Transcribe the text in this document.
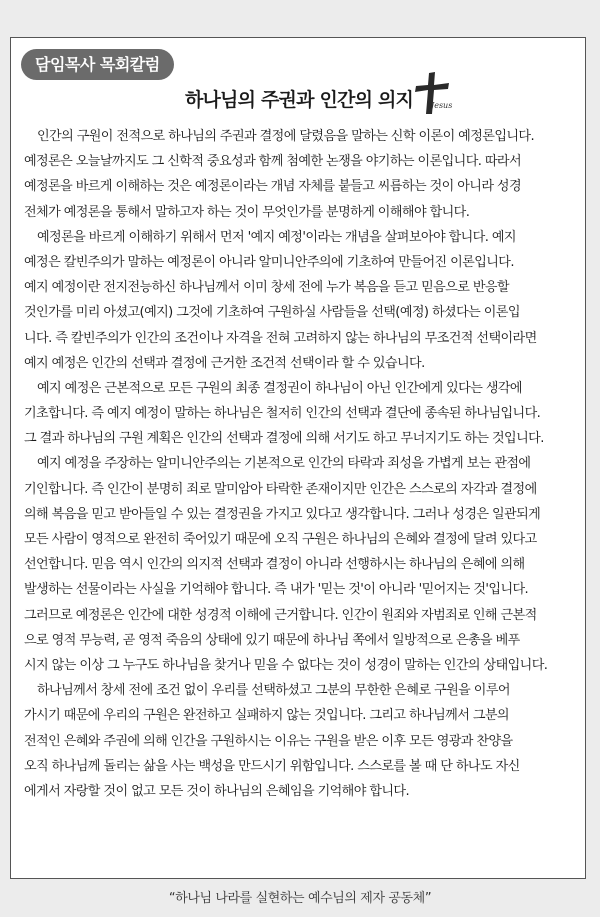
담임목사 목회칼럼
하나님의 주권과 인간의 의지	Jesus
인간의 구원이 전적으로 하나님의 주권과 결정에 달렸음을 말하는 신학 이론이 예정론입니다.
예정론은 오늘날까지도 그 신학적 중요성과 함께 첨예한 논쟁을 야기하는 이론입니다. 따라서
예정론을 바르게 이해하는 것은 예정론이라는 개념 자체를 붙들고 씨름하는 것이 아니라 성경
전체가 예정론을 통해서 말하고자 하는 것이 무엇인가를 분명하게 이해해야 합니다.
예정론을 바르게 이해하기 위해서 먼저 '예지 예정'이라는 개념을 살펴보아야 합니다. 예지
예정은 칼빈주의가 말하는 예정론이 아니라 알미니안주의에 기초하여 만들어진 이론입니다.
예지 예정이란 전지전능하신 하나님께서 이미 창세 전에 누가 복음을 듣고 믿음으로 반응할
것인가를 미리 아셨고(예지) 그것에 기초하여 구원하실 사람들을 선택(예정) 하셨다는 이론입
니다. 즉 칼빈주의가 인간의 조건이나 자격을 전혀 고려하지 않는 하나님의 무조건적 선택이라면
예지 예정은 인간의 선택과 결정에 근거한 조건적 선택이라 할 수 있습니다.
예지 예정은 근본적으로 모든 구원의 최종 결정권이 하나님이 아닌 인간에게 있다는 생각에
기초합니다. 즉 예지 예정이 말하는 하나님은 철저히 인간의 선택과 결단에 종속된 하나님입니다.
그 결과 하나님의 구원 계획은 인간의 선택과 결정에 의해 서기도 하고 무너지기도 하는 것입니다.
예지 예정을 주장하는 알미니안주의는 기본적으로 인간의 타락과 죄성을 가볍게 보는 관점에
기인합니다. 즉 인간이 분명히 죄로 말미암아 타락한 존재이지만 인간은 스스로의 자각과 결정에
의해 복음을 믿고 받아들일 수 있는 결정권을 가지고 있다고 생각합니다. 그러나 성경은 일관되게
모든 사람이 영적으로 완전히 죽어있기 때문에 오직 구원은 하나님의 은혜와 결정에 달려 있다고
선언합니다. 믿음 역시 인간의 의지적 선택과 결정이 아니라 선행하시는 하나님의 은혜에 의해
발생하는 선물이라는 사실을 기억해야 합니다. 즉 내가 '믿는 것'이 아니라 '믿어지는 것'입니다.
그러므로 예정론은 인간에 대한 성경적 이해에 근거합니다. 인간이 원죄와 자범죄로 인해 근본적
으로 영적 무능력, 곧 영적 죽음의 상태에 있기 때문에 하나님 쪽에서 일방적으로 은총을 베푸
시지 않는 이상 그 누구도 하나님을 찾거나 믿을 수 없다는 것이 성경이 말하는 인간의 상태입니다.
하나님께서 창세 전에 조건 없이 우리를 선택하셨고 그분의 무한한 은혜로 구원을 이루어
가시기 때문에 우리의 구원은 완전하고 실패하지 않는 것입니다. 그리고 하나님께서 그분의
전적인 은혜와 주권에 의해 인간을 구원하시는 이유는 구원을 받은 이후 모든 영광과 찬양을
오직 하나님께 돌리는 삶을 사는 백성을 만드시기 위함입니다. 스스로를 볼 때 단 하나도 자신
에게서 자랑할 것이 없고 모든 것이 하나님의 은혜임을 기억해야 합니다.
“하나님 나라를 실현하는 예수님의 제자 공동체”
